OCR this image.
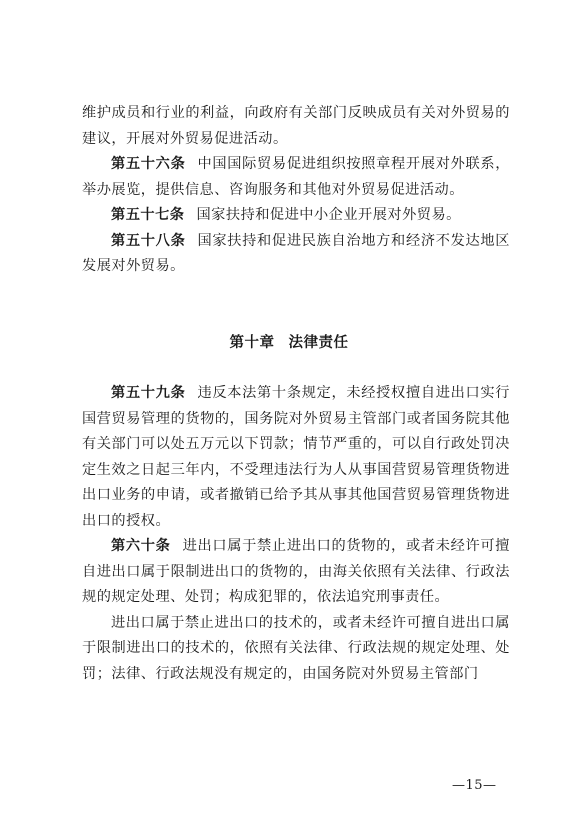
维护成员和行业的利益，向政府有关部门反映成员有关对外贸易的建议，开展对外贸易促进活动。

第五十六条 中国国际贸易促进组织按照章程开展对外联系，举办展览，提供信息、咨询服务和其他对外贸易促进活动。

第五十七条 国家扶持和促进中小企业开展对外贸易。

第五十八条 国家扶持和促进民族自治地方和经济不发达地区发展对外贸易。

第十章 法律责任

第五十九条 违反本法第十条规定，未经授权擅自进出口实行国营贸易管理的货物的，国务院对外贸易主管部门或者国务院其他有关部门可以处五万元以下罚款；情节严重的，可以自行政处罚决定生效之日起三年内，不受理违法行为人从事国营贸易管理货物进出口业务的申请，或者撤销已给予其从事其他国营贸易管理货物进出口的授权。

第六十条 进出口属于禁止进出口的货物的，或者未经许可擅自进出口属于限制进出口的货物的，由海关依照有关法律、行政法规的规定处理、处罚；构成犯罪的，依法追究刑事责任。

进出口属于禁止进出口的技术的，或者未经许可擅自进出口属于限制进出口的技术的，依照有关法律、行政法规的规定处理、处罚；法律、行政法规没有规定的，由国务院对外贸易主管部门

—15—
